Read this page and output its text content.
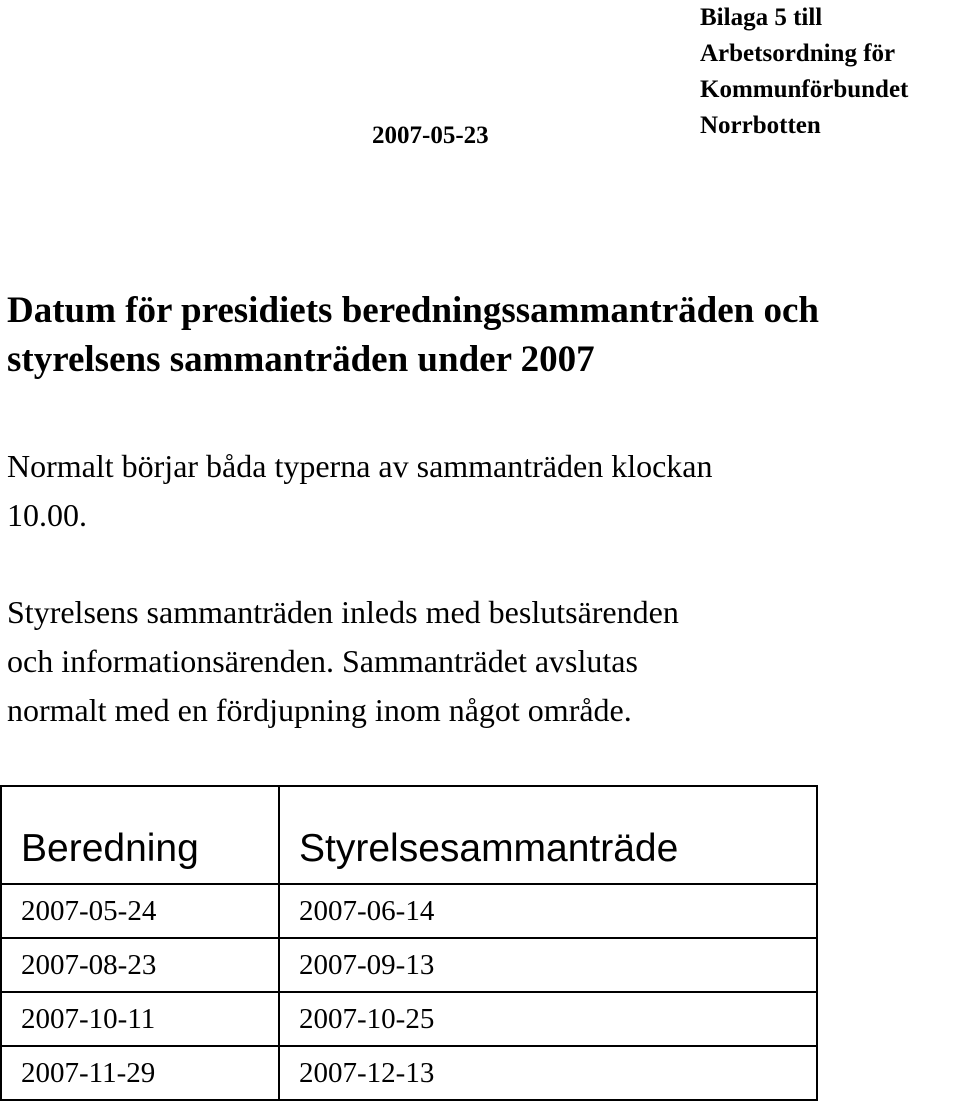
2007-05-23

Bilaga 5 till
Arbetsordning för
Kommunförbundet
Norrbotten
Datum för presidiets beredningssammanträden och
styrelsens sammanträden under 2007
Normalt börjar båda typerna av sammanträden klockan
10.00.
Styrelsens sammanträden inleds med beslutsärenden
och informationsärenden. Sammanträdet avslutas
normalt med en fördjupning inom något område.
Beredning	Styrelsesammanträde
2007-05-24	2007-06-14
2007-08-23	2007-09-13
2007-10-11	2007-10-25
2007-11-29	2007-12-13
